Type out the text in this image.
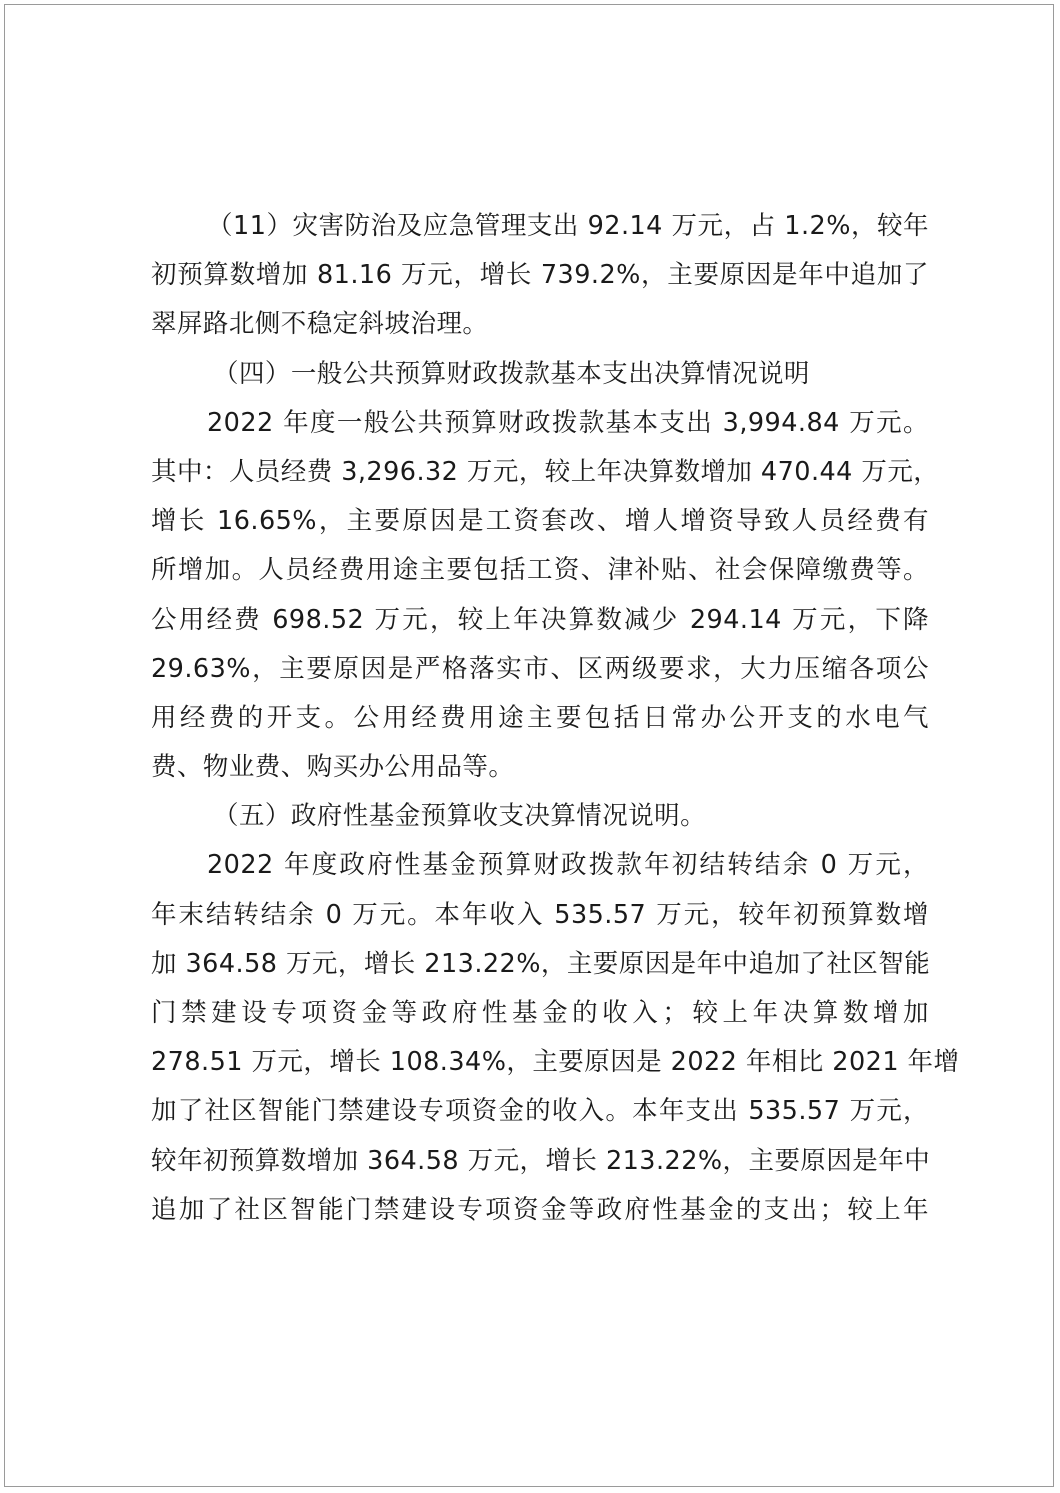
（11）灾害防治及应急管理支出 92.14 万元，占 1.2%，较年
初预算数增加 81.16 万元，增长 739.2%，主要原因是年中追加了
翠屏路北侧不稳定斜坡治理。
（四）一般公共预算财政拨款基本支出决算情况说明
2022 年度一般公共预算财政拨款基本支出 3,994.84 万元。
其中：人员经费 3,296.32 万元，较上年决算数增加 470.44 万元，
增长 16.65%，主要原因是工资套改、增人增资导致人员经费有
所增加。人员经费用途主要包括工资、津补贴、社会保障缴费等。
公用经费 698.52 万元，较上年决算数减少 294.14 万元，下降
29.63%，主要原因是严格落实市、区两级要求，大力压缩各项公
用经费的开支。公用经费用途主要包括日常办公开支的水电气
费、物业费、购买办公用品等。
（五）政府性基金预算收支决算情况说明。
2022 年度政府性基金预算财政拨款年初结转结余 0 万元，
年末结转结余 0 万元。本年收入 535.57 万元，较年初预算数增
加 364.58 万元，增长 213.22%，主要原因是年中追加了社区智能
门禁建设专项资金等政府性基金的收入；较上年决算数增加
278.51 万元，增长 108.34%，主要原因是 2022 年相比 2021 年增
加了社区智能门禁建设专项资金的收入。本年支出 535.57 万元，
较年初预算数增加 364.58 万元，增长 213.22%，主要原因是年中
追加了社区智能门禁建设专项资金等政府性基金的支出；较上年
